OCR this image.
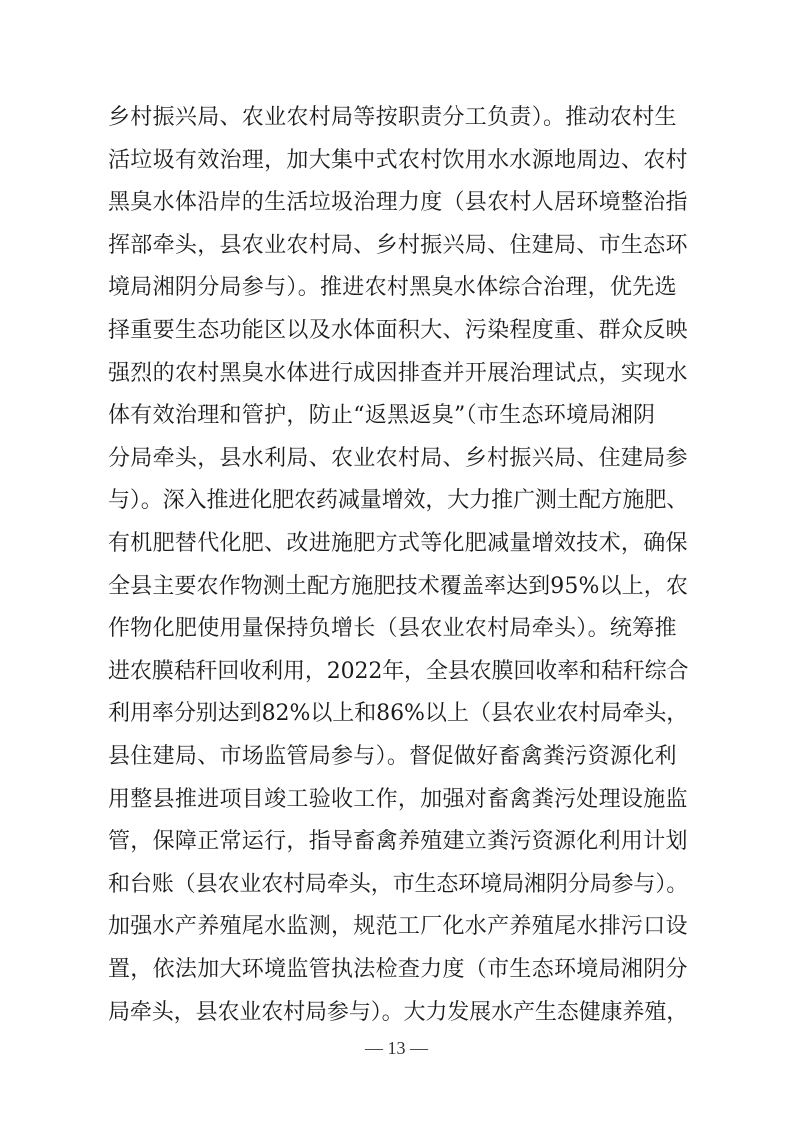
乡村振兴局、农业农村局等按职责分工负责）。推动农村生
活垃圾有效治理，加大集中式农村饮用水水源地周边、农村
黑臭水体沿岸的生活垃圾治理力度（县农村人居环境整治指
挥部牵头，县农业农村局、乡村振兴局、住建局、市生态环
境局湘阴分局参与）。推进农村黑臭水体综合治理，优先选
择重要生态功能区以及水体面积大、污染程度重、群众反映
强烈的农村黑臭水体进行成因排查并开展治理试点，实现水
体有效治理和管护，防止“返黑返臭”（市生态环境局湘阴
分局牵头，县水利局、农业农村局、乡村振兴局、住建局参
与）。深入推进化肥农药减量增效，大力推广测土配方施肥、
有机肥替代化肥、改进施肥方式等化肥减量增效技术，确保
全县主要农作物测土配方施肥技术覆盖率达到95%以上，农
作物化肥使用量保持负增长（县农业农村局牵头）。统筹推
进农膜秸秆回收利用，2022年，全县农膜回收率和秸秆综合
利用率分别达到82%以上和86%以上（县农业农村局牵头，
县住建局、市场监管局参与）。督促做好畜禽粪污资源化利
用整县推进项目竣工验收工作，加强对畜禽粪污处理设施监
管，保障正常运行，指导畜禽养殖建立粪污资源化利用计划
和台账（县农业农村局牵头，市生态环境局湘阴分局参与）。
加强水产养殖尾水监测，规范工厂化水产养殖尾水排污口设
置，依法加大环境监管执法检查力度（市生态环境局湘阴分
局牵头，县农业农村局参与）。大力发展水产生态健康养殖，
— 13 —
